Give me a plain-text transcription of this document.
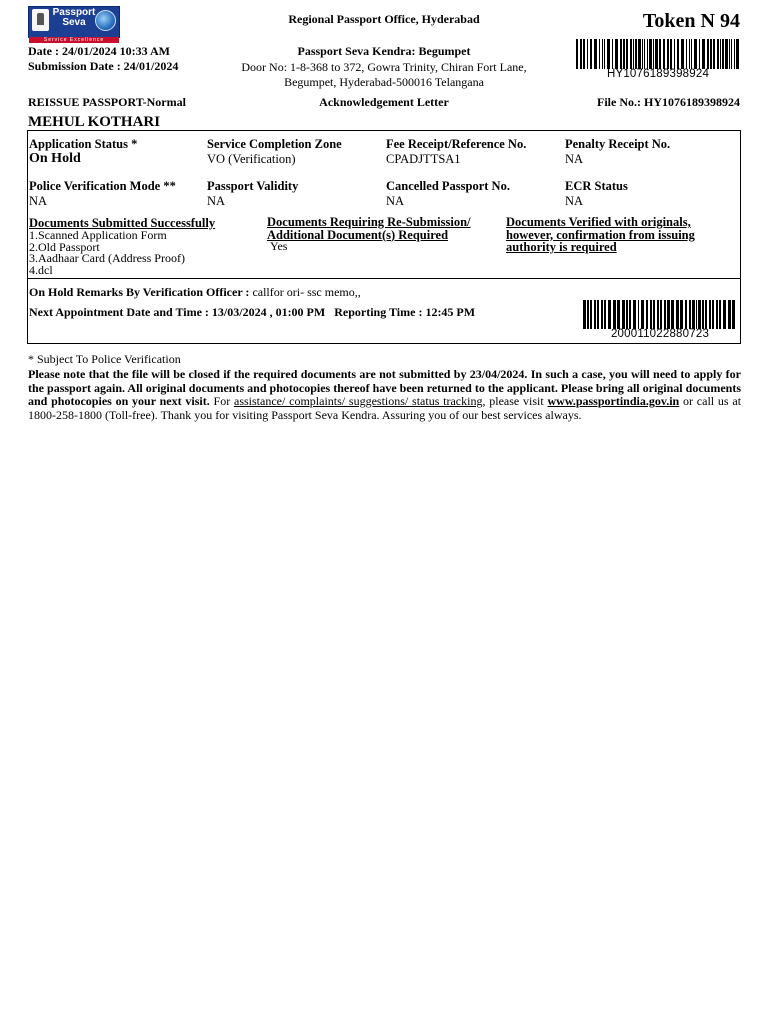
Passport
Seva
Service Excellence
Regional Passport Office, Hyderabad	Token N 94
Date : 24/01/2024 10:33 AM
Submission Date : 24/01/2024
Passport Seva Kendra: Begumpet
Door No: 1-8-368 to 372, Gowra Trinity, Chiran Fort Lane,
Begumpet, Hyderabad-500016 Telangana
HY1076189398924
REISSUE PASSPORT-Normal	Acknowledgement Letter	File No.: HY1076189398924
MEHUL KOTHARI
Application Status *
On Hold
Service Completion Zone
VO (Verification)
Fee Receipt/Reference No.
CPADJTTSA1
Penalty Receipt No.
NA
Police Verification Mode **
NA
Passport Validity
NA
Cancelled Passport No.
NA
ECR Status
NA
Documents Submitted Successfully
1.Scanned Application Form
2.Old Passport
3.Aadhaar Card (Address Proof)
4.dcl
Documents Requiring Re-Submission/
Additional Document(s) Required
Yes
Documents Verified with originals,
however, confirmation from issuing
authority is required
On Hold Remarks By Verification Officer : callfor ori- ssc memo,,
Next Appointment Date and Time : 13/03/2024 , 01:00 PM Reporting Time : 12:45 PM
200011022880723
* Subject To Police Verification
Please note that the file will be closed if the required documents are not submitted by 23/04/2024. In such a case, you will need to apply for the passport again. All original documents and photocopies thereof have been returned to the applicant. Please bring all original documents and photocopies on your next visit. For assistance/ complaints/ suggestions/ status tracking, please visit www.passportindia.gov.in or call us at 1800-258-1800 (Toll-free). Thank you for visiting Passport Seva Kendra. Assuring you of our best services always.
